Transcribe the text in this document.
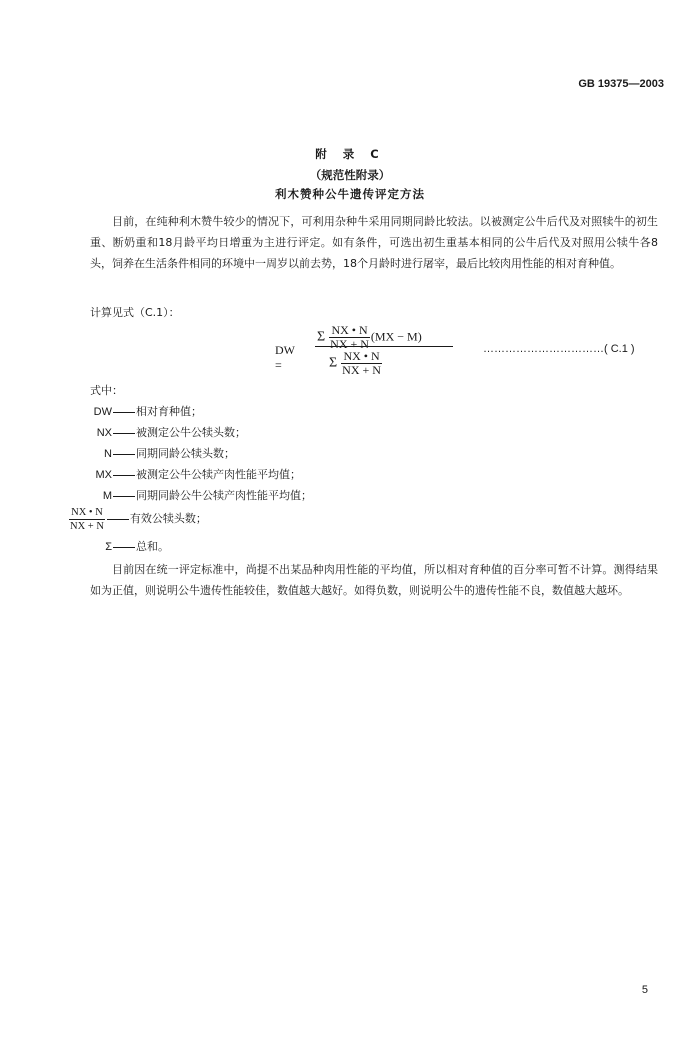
GB 19375—2003
附 录 C
（规范性附录）
利木赞种公牛遗传评定方法

目前，在纯种利木赞牛较少的情况下，可利用杂种牛采用同期同龄比较法。以被测定公牛后代及对照犊牛的初生重、断奶重和18月龄平均日增重为主进行评定。如有条件，可选出初生重基本相同的公牛后代及对照用公犊牛各8头，饲养在生活条件相同的环境中一周岁以前去势，18个月龄时进行屠宰，最后比较肉用性能的相对育种值。

计算见式（C.1）：
DW =
Σ $\frac{NX • N}{NX + N} (MX - M)$
Σ $\frac{NX • N}{NX + N}$
……………………………( C.1 )
式中：
DW 相对育种值；
NX 被测定公牛公犊头数；
N 同期同龄公犊头数；
MX 被测定公牛公犊产肉性能平均值；
M 同期同龄公牛公犊产肉性能平均值；
$\frac{NX • N}{NX + N}$ 有效公犊头数；
Σ 总和。

目前因在统一评定标准中，尚提不出某品种肉用性能的平均值，所以相对育种值的百分率可暂不计算。测得结果如为正值，则说明公牛遗传性能较佳，数值越大越好。如得负数，则说明公牛的遗传性能不良，数值越大越坏。

5
